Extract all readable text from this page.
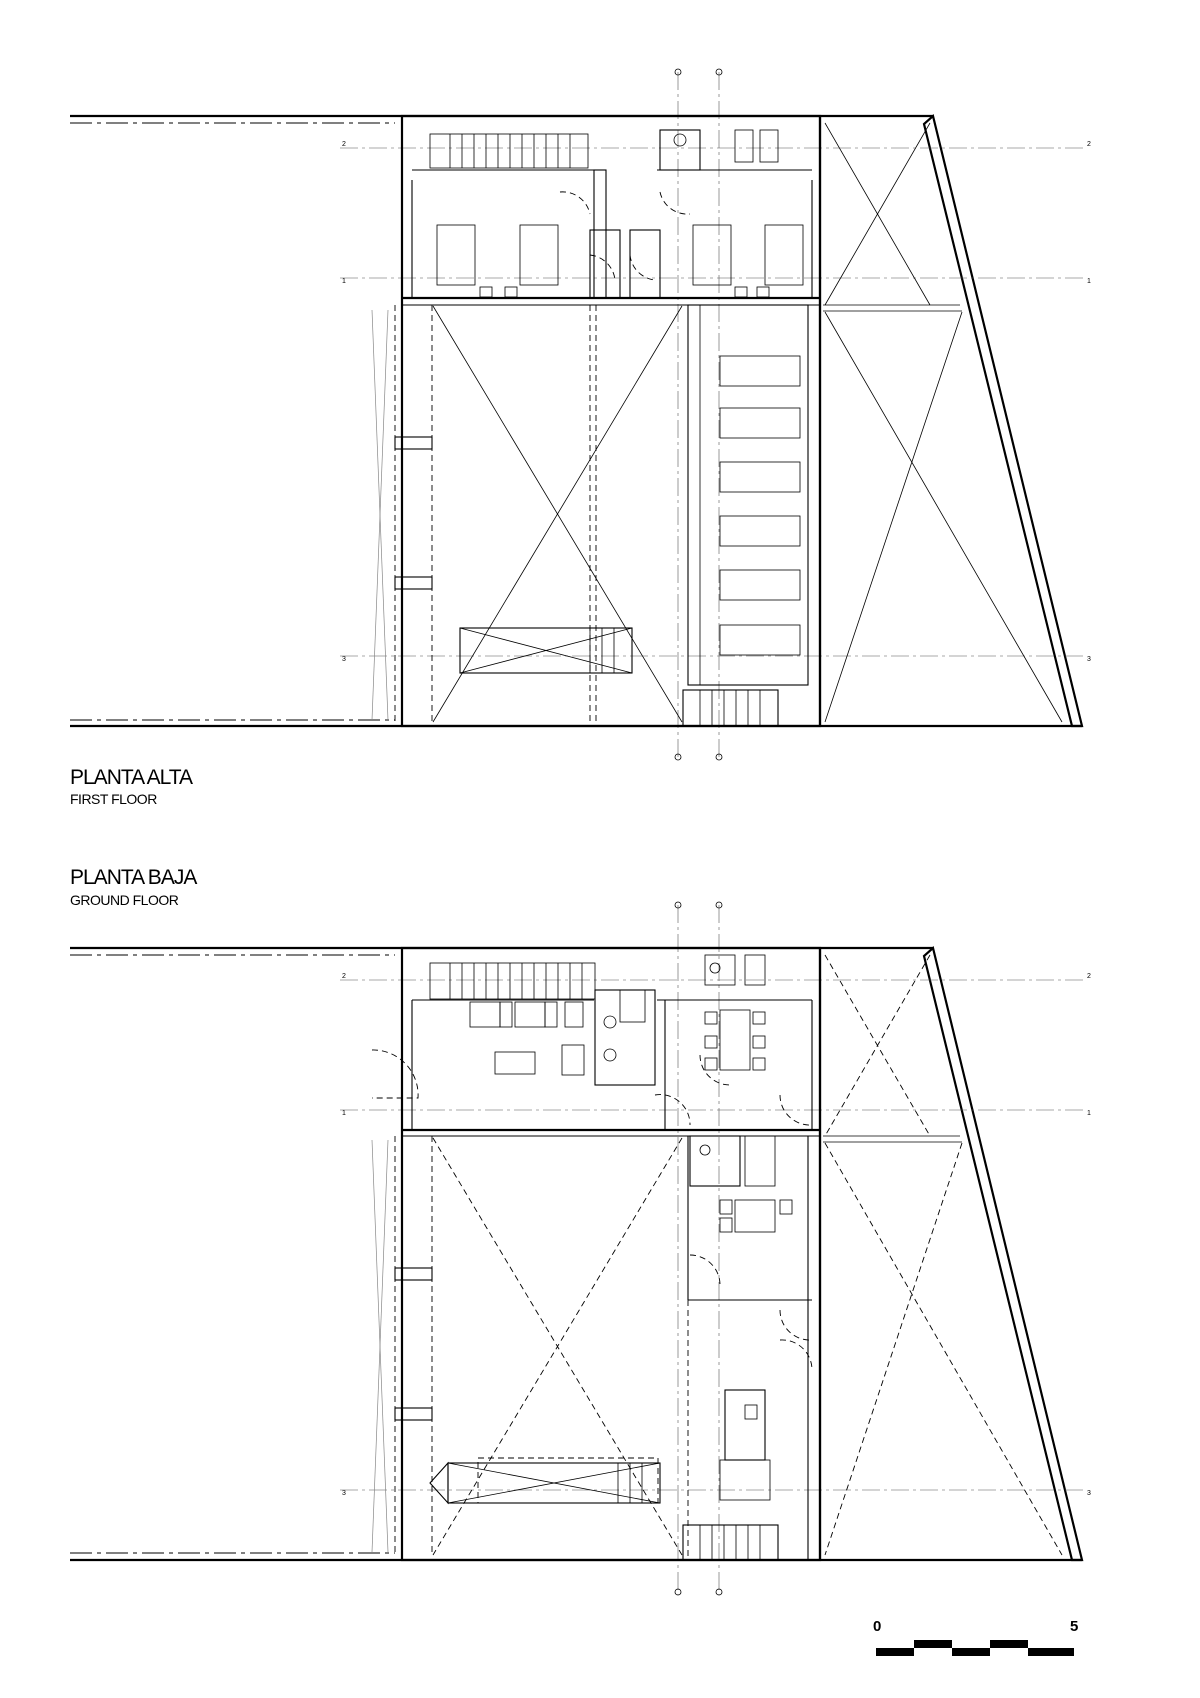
2	2
1	1
3	3
2	2
1	1
3	3
0	5
PLANTA ALTA
FIRST FLOOR
PLANTA BAJA
GROUND FLOOR
